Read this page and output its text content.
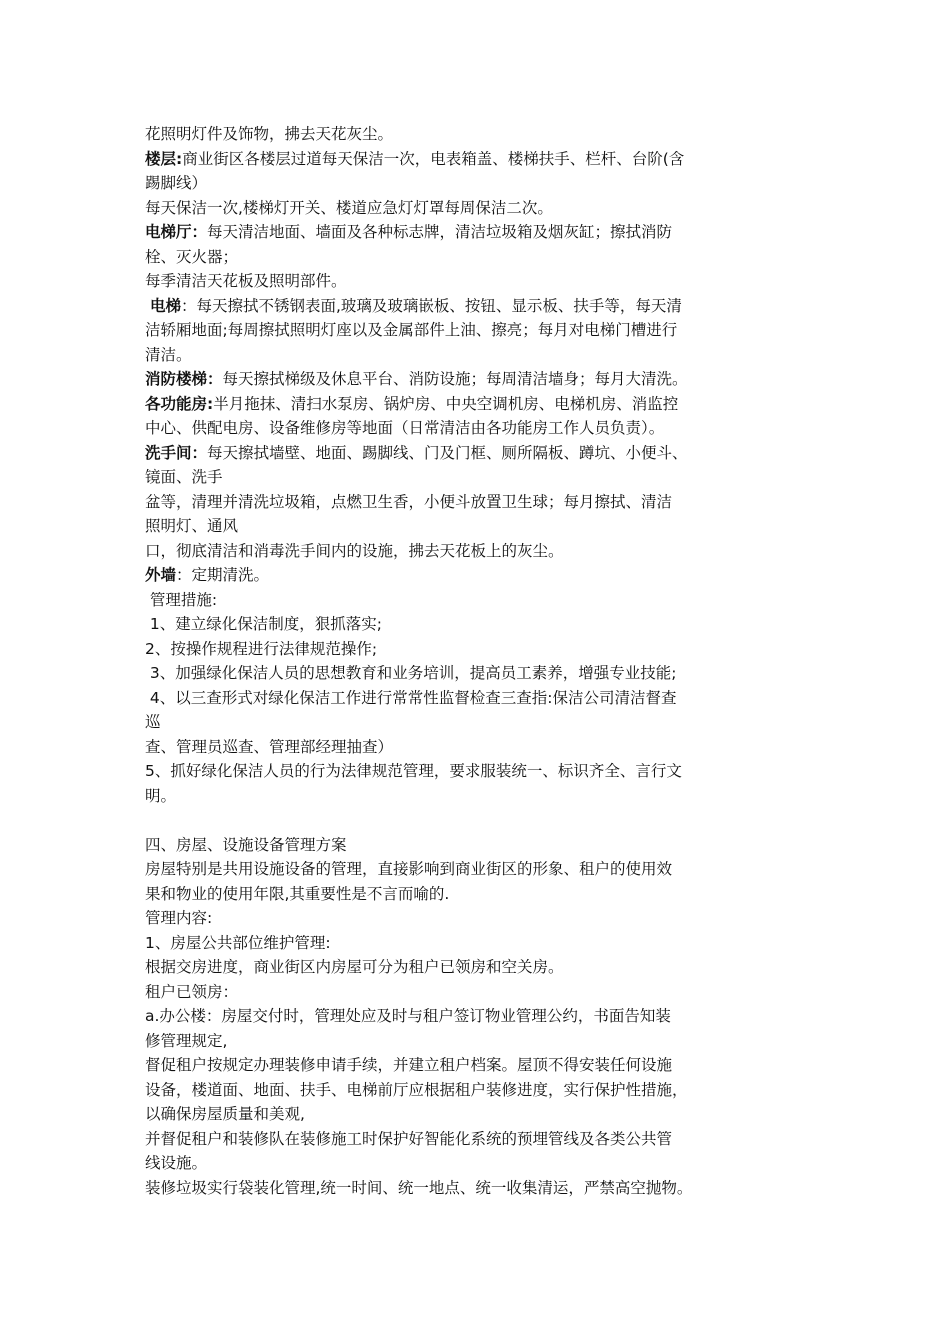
花照明灯件及饰物，拂去天花灰尘。
楼层:商业街区各楼层过道每天保洁一次，电表箱盖、楼梯扶手、栏杆、台阶(含
踢脚线）
每天保洁一次,楼梯灯开关、楼道应急灯灯罩每周保洁二次。
电梯厅：每天清洁地面、墙面及各种标志牌，清洁垃圾箱及烟灰缸；擦拭消防
栓、灭火器；
每季清洁天花板及照明部件。
电梯：每天擦拭不锈钢表面,玻璃及玻璃嵌板、按钮、显示板、扶手等，每天清
洁轿厢地面;每周擦拭照明灯座以及金属部件上油、擦亮；每月对电梯门槽进行
清洁。
消防楼梯：每天擦拭梯级及休息平台、消防设施；每周清洁墙身；每月大清洗。
各功能房:半月拖抹、清扫水泵房、锅炉房、中央空调机房、电梯机房、消监控
中心、供配电房、设备维修房等地面（日常清洁由各功能房工作人员负责）。
洗手间：每天擦拭墙壁、地面、踢脚线、门及门框、厕所隔板、蹲坑、小便斗、
镜面、洗手
盆等，清理并清洗垃圾箱，点燃卫生香，小便斗放置卫生球；每月擦拭、清洁
照明灯、通风
口，彻底清洁和消毒洗手间内的设施，拂去天花板上的灰尘。
外墙：定期清洗。
管理措施:
1、建立绿化保洁制度，狠抓落实;
2、按操作规程进行法律规范操作;
3、加强绿化保洁人员的思想教育和业务培训，提高员工素养，增强专业技能;
4、以三查形式对绿化保洁工作进行常常性监督检查三查指:保洁公司清洁督查
巡
查、管理员巡查、管理部经理抽查）
5、抓好绿化保洁人员的行为法律规范管理，要求服装统一、标识齐全、言行文
明。
四、房屋、设施设备管理方案
房屋特别是共用设施设备的管理，直接影响到商业街区的形象、租户的使用效
果和物业的使用年限,其重要性是不言而喻的.
管理内容:
1、房屋公共部位维护管理:
根据交房进度，商业街区内房屋可分为租户已领房和空关房。
租户已领房：
a.办公楼：房屋交付时，管理处应及时与租户签订物业管理公约，书面告知装
修管理规定,
督促租户按规定办理装修申请手续，并建立租户档案。屋顶不得安装任何设施
设备，楼道面、地面、扶手、电梯前厅应根据租户装修进度，实行保护性措施，
以确保房屋质量和美观,
并督促租户和装修队在装修施工时保护好智能化系统的预埋管线及各类公共管
线设施。
装修垃圾实行袋装化管理,统一时间、统一地点、统一收集清运，严禁高空抛物。
